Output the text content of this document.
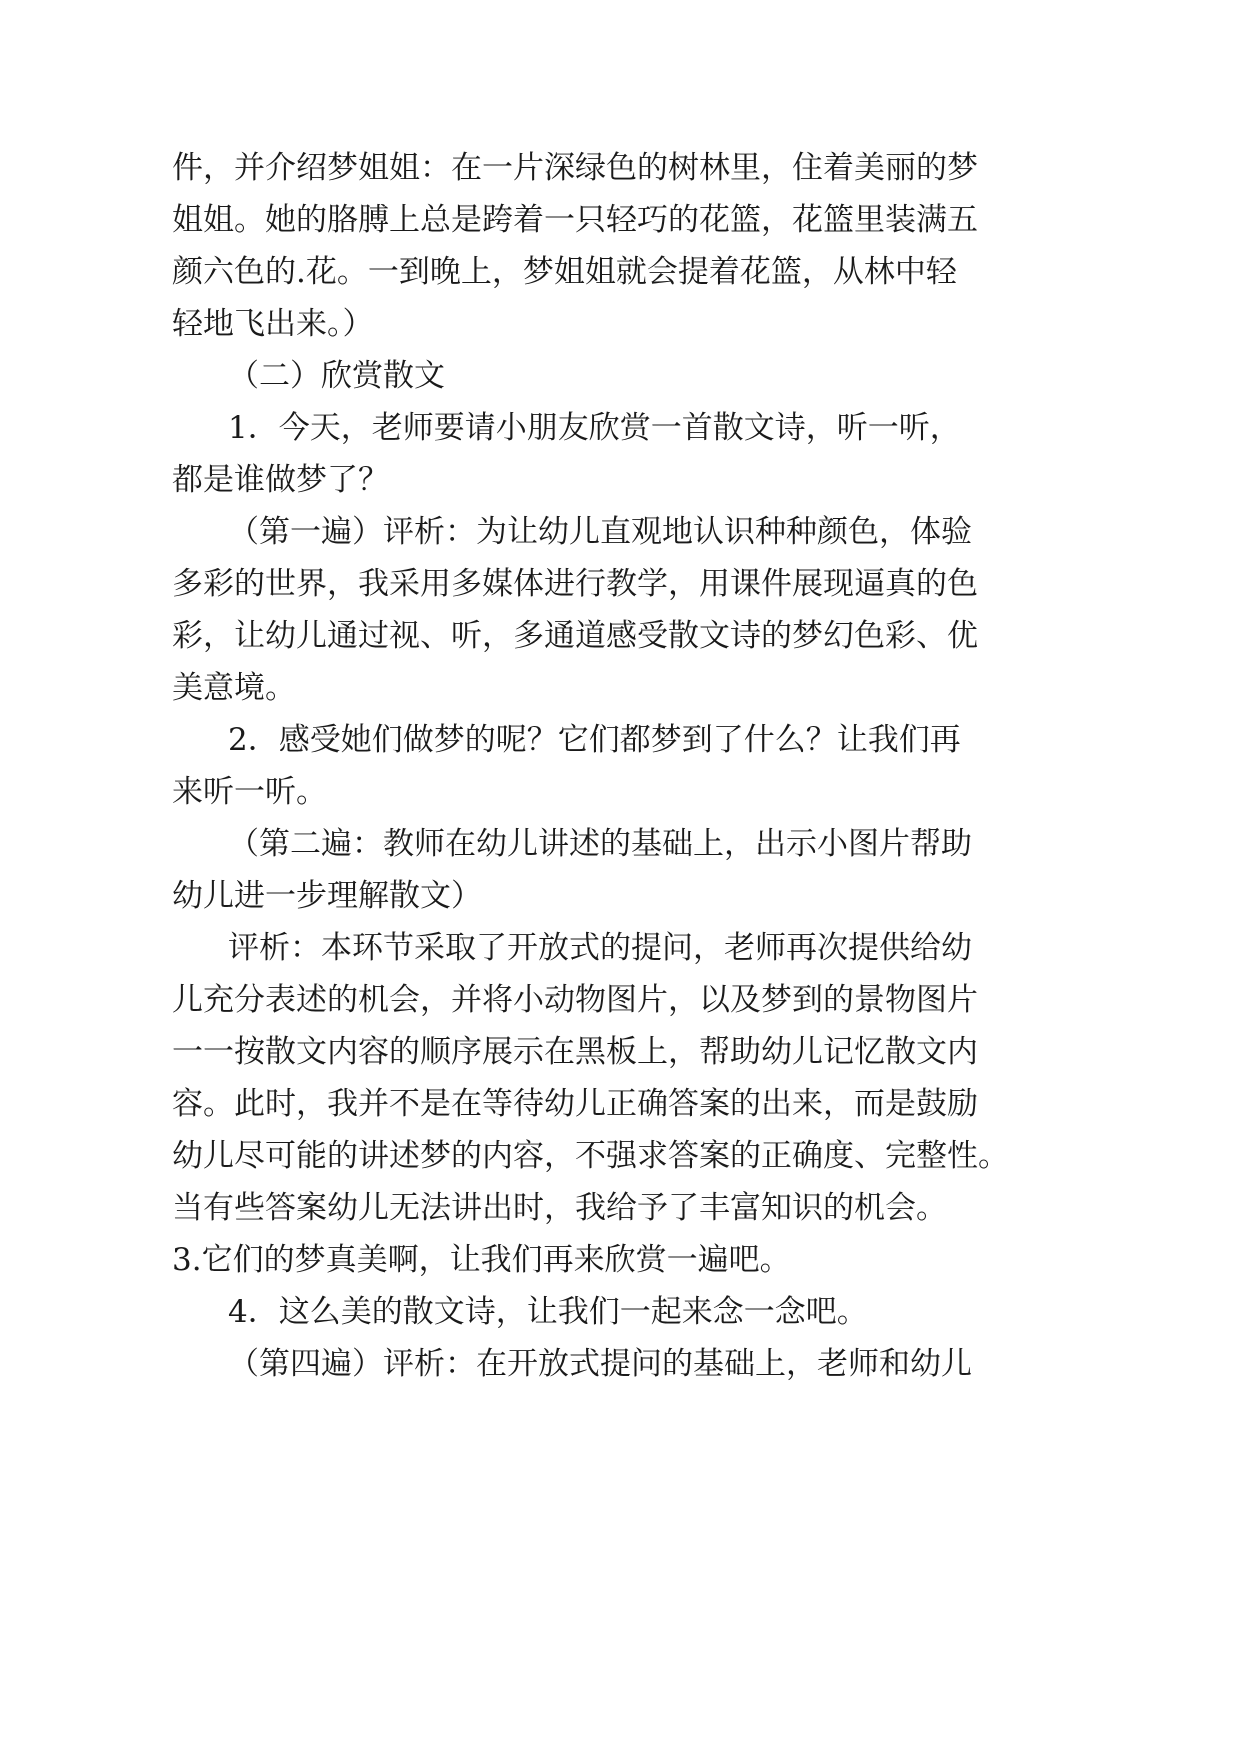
件，并介绍梦姐姐：在一片深绿色的树林里，住着美丽的梦
姐姐。她的胳膊上总是跨着一只轻巧的花篮，花篮里装满五
颜六色的.花。一到晚上，梦姐姐就会提着花篮，从林中轻
轻地飞出来。）
（二）欣赏散文
1．今天，老师要请小朋友欣赏一首散文诗，听一听，
都是谁做梦了？
（第一遍）评析：为让幼儿直观地认识种种颜色，体验
多彩的世界，我采用多媒体进行教学，用课件展现逼真的色
彩，让幼儿通过视、听，多通道感受散文诗的梦幻色彩、优
美意境。
2．感受她们做梦的呢？它们都梦到了什么？让我们再
来听一听。
（第二遍：教师在幼儿讲述的基础上，出示小图片帮助
幼儿进一步理解散文）
评析：本环节采取了开放式的提问，老师再次提供给幼
儿充分表述的机会，并将小动物图片，以及梦到的景物图片
一一按散文内容的顺序展示在黑板上，帮助幼儿记忆散文内
容。此时，我并不是在等待幼儿正确答案的出来，而是鼓励
幼儿尽可能的讲述梦的内容，不强求答案的正确度、完整性。
当有些答案幼儿无法讲出时，我给予了丰富知识的机会。
3.它们的梦真美啊，让我们再来欣赏一遍吧。
4．这么美的散文诗，让我们一起来念一念吧。
（第四遍）评析：在开放式提问的基础上，老师和幼儿
